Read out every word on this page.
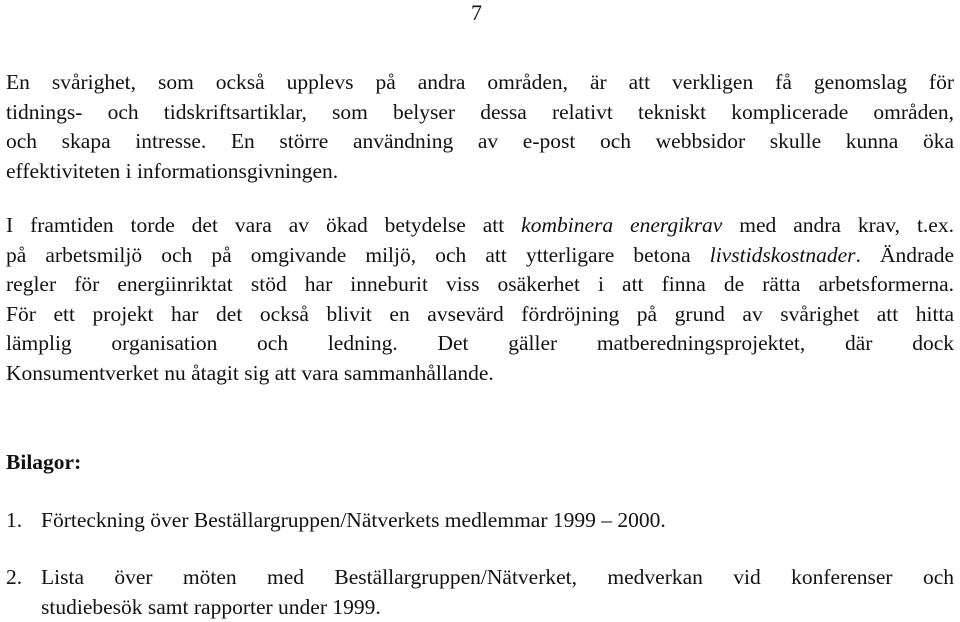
7

En svårighet, som också upplevs på andra områden, är att verkligen få genomslag för
tidnings- och tidskriftsartiklar, som belyser dessa relativt tekniskt komplicerade områden,
och skapa intresse. En större användning av e-post och webbsidor skulle kunna öka
effektiviteten i informationsgivningen.

I framtiden torde det vara av ökad betydelse att kombinera energikrav med andra krav, t.ex.
på arbetsmiljö och på omgivande miljö, och att ytterligare betona livstidskostnader. Ändrade
regler för energiinriktat stöd har inneburit viss osäkerhet i att finna de rätta arbetsformerna.
För ett projekt har det också blivit en avsevärd fördröjning på grund av svårighet att hitta
lämplig organisation och ledning. Det gäller matberedningsprojektet, där dock
Konsumentverket nu åtagit sig att vara sammanhållande.

Bilagor:
1. Förteckning över Beställargruppen/Nätverkets medlemmar 1999 – 2000.
2. Lista över möten med Beställargruppen/Nätverket, medverkan vid konferenser och
studiebesök samt rapporter under 1999.
